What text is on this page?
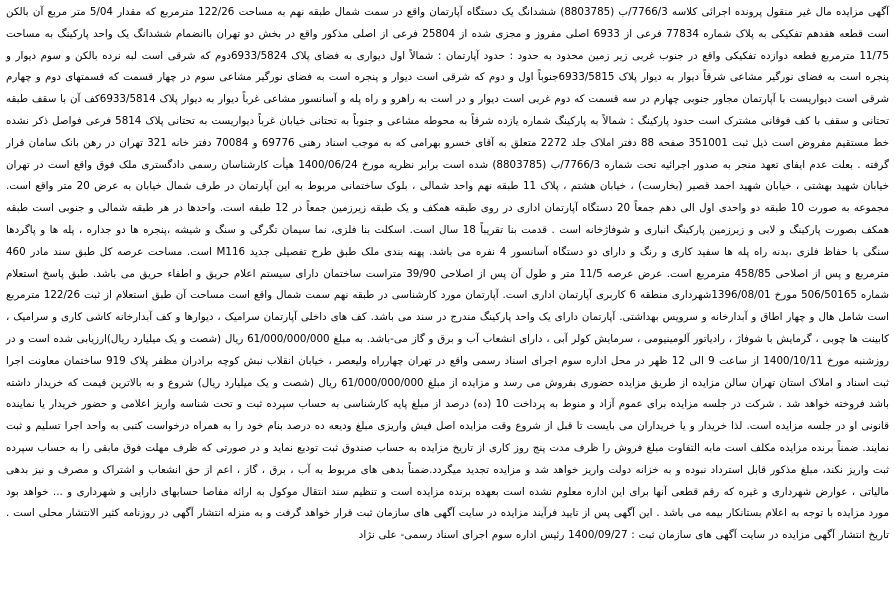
آگهی مزایده مال غیر منقول پرونده اجرائی کلاسه 7766/3/ب (8803785) ششدانگ یک دستگاه آپارتمان واقع در سمت شمال طبقه نهم به مساحت 122/26 مترمربع که مقدار 5/04 متر مربع آن بالکن است قطعه هفدهم تفکیکی به پلاک شماره 77834 فرعی از 6933 اصلی مفروز و مجزی شده از 25804 فرعی از اصلی مذکور واقع در بخش دو تهران باانضمام ششدانگ یک واحد پارکینگ به مساحت 11/75 مترمربع قطعه دوازده تفکیکی واقع در جنوب غربی زیر زمین محدود به حدود : حدود آپارتمان : شمالاً اول دیواری به فضای پلاک 6933/5824دوم که شرقی است لبه نرده بالکن و سوم دیوار و پنجره است به فضای نورگیر مشاعی شرقاً دیوار به دیوار پلاک 6933/5815جنوباً اول و دوم که شرقی است دیوار و پنجره است به فضای نورگیر مشاعی سوم در چهار قسمت که قسمتهای دوم و چهارم شرقی است دیواریست با آپارتمان مجاور جنوبی چهارم در سه قسمت که دوم غربی است دیوار و در است به راهرو و راه پله و آسانسور مشاعی غرباً دیوار به دیوار پلاک 6933/5814کف آن با سقف طبقه تحتانی و سقف با کف فوقانی مشترک است حدود پارکینگ : شمالاً به پارکینگ شماره یازده شرقاً به محوطه مشاعی و جنوباً به تحتانی خیابان غرباً دیواریست به تحتانی پلاک 5814 فرعی فواصل ذکر نشده خط مستقیم مفروض است ذیل ثبت 351001 صفحه 88 دفتر املاک جلد 2272 متعلق به آقای خسرو بهرامی که به موجب اسناد رهنی 69776 و 70084 دفتر خانه 321 تهران در رهن بانک سامان قرار گرفته . بعلت عدم ایفای تعهد منجر به صدور اجرائیه تحت شماره 7766/3/ب (8803785) شده است برابر نظریه مورخ 1400/06/24 هیأت کارشناسان رسمی دادگستری ملک فوق واقع است در تهران خیابان شهید بهشتی ، خیابان شهید احمد قصیر (بخارست) ، خیابان هشتم ، پلاک 11 طبقه نهم واحد شمالی ، بلوک ساختمانی مربوط به این آپارتمان در طرف شمال خیابان به عرض 20 متر واقع است. مجموعه به صورت 10 طبقه دو واحدی اول الی دهم جمعاً 20 دستگاه آپارتمان اداری در روی طبقه همکف و یک طبقه زیرزمین جمعاً در 12 طبقه است. واحدها در هر طبقه شمالی و جنوبی است طبقه همکف بصورت پارکینگ و لابی و زیرزمین پارکینگ انباری و شوفاژخانه است . قدمت بنا تقریباً 18 سال است. اسکلت بنا فلزی، نما سیمان تگرگی و سنگ و شیشه ،پنجره ها دو جداره ، پله ها و پاگردها سنگی با حفاظ فلزی ،بدنه راه پله ها سفید کاری و رنگ و دارای دو دستگاه آسانسور 4 نفره می باشد. پهنه بندی ملک طبق طرح تفصیلی جدید M116 است. مساحت عرصه کل طبق سند مادر 460 مترمربع و پس از اصلاحی 458/85 مترمربع است. عرض عرصه 11/5 متر و طول آن پس از اصلاحی 39/90 متراست ساختمان دارای سیستم اعلام حریق و اطفاء حریق می باشد. طبق پاسخ استعلام شماره 506/50165 مورخ 1396/08/01شهرداری منطقه 6 کاربری آپارتمان اداری است. آپارتمان مورد کارشناسی در طبقه نهم سمت شمال واقع است مساحت آن طبق استعلام از ثبت 122/26 مترمربع است شامل هال و چهار اطاق و آبدارخانه و سرویس بهداشتی. آپارتمان دارای یک واحد پارکینگ مندرج در سند می باشد. کف های داخلی آپارتمان سرامیک ، دیوارها و کف آبدارخانه کاشی کاری و سرامیک ، کابینت ها چوبی ، گرمایش با شوفاژ ، رادیاتور آلومینیومی ، سرمایش کولر آبی ، دارای انشعاب آب و برق و گاز می-باشد. به مبلغ 61/000/000/000 ریال (شصت و یک میلیارد ریال)ارزیابی شده است و در روزشنبه مورخ 1400/10/11 از ساعت 9 الی 12 ظهر در محل اداره سوم اجرای اسناد رسمی واقع در تهران چهارراه ولیعصر ، خیابان انقلاب نبش کوچه برادران مظفر پلاک 919 ساختمان معاونت اجرا ثبت اسناد و املاک استان تهران سالن مزایده از طریق مزایده حضوری بفروش می رسد و مزایده از مبلغ 61/000/000/000 ریال (شصت و یک میلیارد ریال) شروع و به بالاترین قیمت که خریدار داشته باشد فروخته خواهد شد . شرکت در جلسه مزایده برای عموم آزاد و منوط به پرداخت 10 (ده) درصد از مبلغ پایه کارشناسی به حساب سپرده ثبت و تحت شناسه واریز اعلامی و حضور خریدار یا نماینده قانونی او در جلسه مزایده است. لذا خریدار و یا خریداران می بایست تا قبل از شروع وقت مزایده اصل فیش واریزی مبلغ ودیعه ده درصد بنام خود را به همراه درخواست کتبی به واحد اجرا تسلیم و ثبت نمایند. ضمناً برنده مزایده مکلف است مابه التفاوت مبلغ فروش را ظرف مدت پنج روز کاری از تاریخ مزایده به حساب صندوق ثبت تودیع نماید و در صورتی که ظرف مهلت فوق مابقی را به حساب سپرده ثبت واریز نکند، مبلغ مذکور قابل استرداد نبوده و به خزانه دولت واریز خواهد شد و مزایده تجدید میگردد.ضمناً بدهی های مربوط به آب ، برق ، گاز ، اعم از حق انشعاب و اشتراک و مصرف و نیز بدهی مالیاتی ، عوارض شهرداری و غیره که رقم قطعی آنها برای این اداره معلوم نشده است بعهده برنده مزایده است و تنظیم سند انتقال موکول به ارائه مفاصا حسابهای دارایی و شهرداری و ... خواهد بود مورد مزایده با توجه به اعلام بستانکار بیمه می باشد . این آگهی پس از تایید فرآیند مزایده در سایت آگهی های سازمان ثبت قرار خواهد گرفت و به منزله انتشار آگهی در روزنامه کثیر الانتشار محلی است . تاریخ انتشار آگهی مزایده در سایت آگهی های سازمان ثبت : 1400/09/27 رئیس اداره سوم اجرای اسناد رسمی- علی نژاد
